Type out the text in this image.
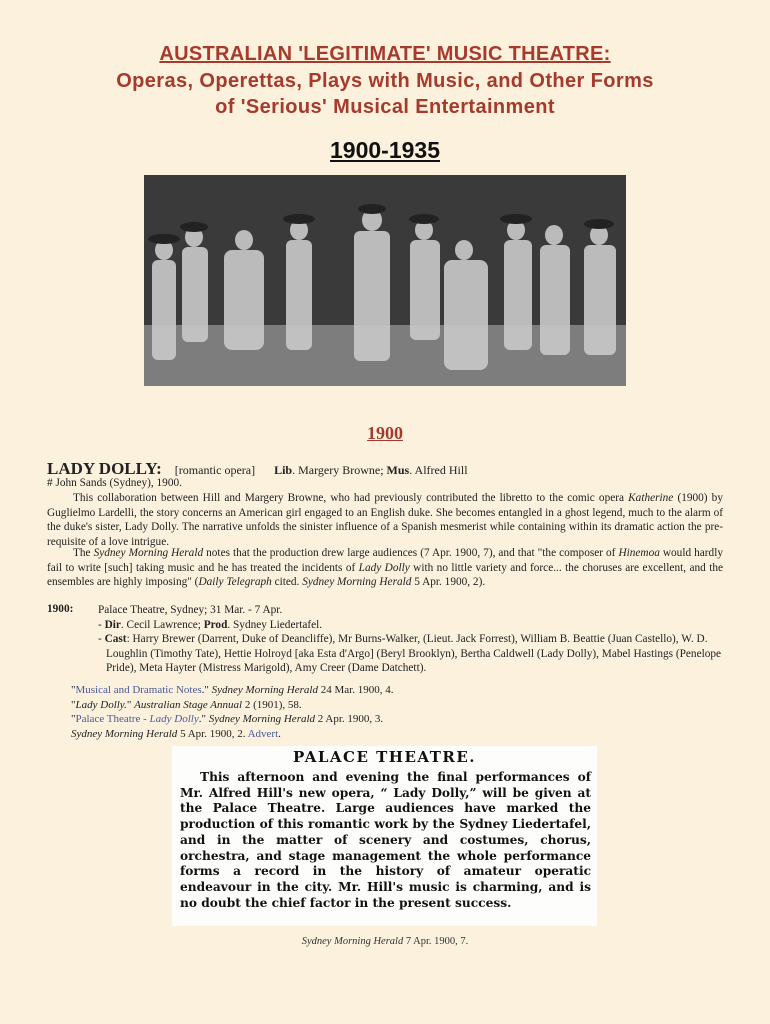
AUSTRALIAN 'LEGITIMATE' MUSIC THEATRE:
Operas, Operettas, Plays with Music, and Other Forms
of 'Serious' Musical Entertainment
1900-1935
1900
LADY DOLLY: [romantic opera] Lib. Margery Browne; Mus. Alfred Hill
# John Sands (Sydney), 1900.
This collaboration between Hill and Margery Browne, who had previously contributed the libretto to the comic opera Katherine (1900) by Guglielmo Lardelli, the story concerns an American girl engaged to an English duke. She becomes entangled in a ghost legend, much to the alarm of the duke's sister, Lady Dolly. The narrative unfolds the sinister influence of a Spanish mesmerist while containing within its dramatic action the pre-requisite of a love intrigue.
The Sydney Morning Herald notes that the production drew large audiences (7 Apr. 1900, 7), and that "the composer of Hinemoa would hardly fail to write [such] taking music and he has treated the incidents of Lady Dolly with no little variety and force... the choruses are excellent, and the ensembles are highly imposing" (Daily Telegraph cited. Sydney Morning Herald 5 Apr. 1900, 2).
1900: Palace Theatre, Sydney; 31 Mar. - 7 Apr.
- Dir. Cecil Lawrence; Prod. Sydney Liedertafel.
- Cast: Harry Brewer (Darrent, Duke of Deancliffe), Mr Burns-Walker, (Lieut. Jack Forrest), William B. Beattie (Juan Castello), W. D. Loughlin (Timothy Tate), Hettie Holroyd [aka Esta d'Argo] (Beryl Brooklyn), Bertha Caldwell (Lady Dolly), Mabel Hastings (Penelope Pride), Meta Hayter (Mistress Marigold), Amy Creer (Dame Datchett).
"Musical and Dramatic Notes." Sydney Morning Herald 24 Mar. 1900, 4.
"Lady Dolly." Australian Stage Annual 2 (1901), 58.
"Palace Theatre - Lady Dolly." Sydney Morning Herald 2 Apr. 1900, 3.
Sydney Morning Herald 5 Apr. 1900, 2. Advert.
PALACE THEATRE.
This afternoon and evening the final performances of Mr. Alfred Hill's new opera, “ Lady Dolly,” will be given at the Palace Theatre. Large audiences have marked the production of this romantic work by the Sydney Liedertafel, and in the matter of scenery and costumes, chorus, orchestra, and stage management the whole performance forms a record in the history of amateur operatic endeavour in the city. Mr. Hill's music is charming, and is no doubt the chief factor in the present success.
Sydney Morning Herald 7 Apr. 1900, 7.
